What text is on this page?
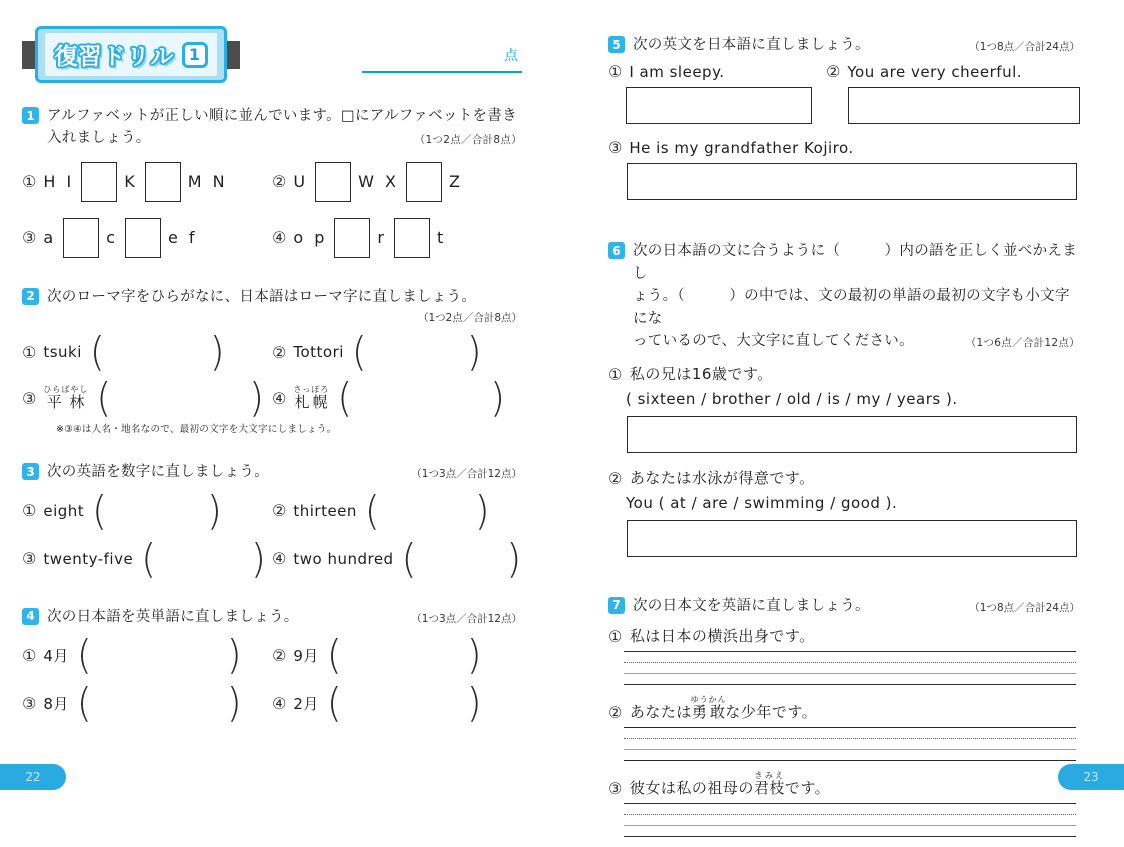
復習ドリル 1	点
1 アルファベットが正しい順に並んでいます。□にアルファベットを書き
入れましょう。	（1つ2点／合計8点）
① H I	K	M N	② U	W X	Z
③ a	c	e f	④ o p	r	t
2 次のローマ字をひらがなに、日本語はローマ字に直しましょう。
（1つ2点／合計8点）
① tsuki (	)	② Tottori (	)
③ 平林ひらばやし (	) ④ 札幌さっぽろ (	)
※③④は人名・地名なので、最初の文字を大文字にしましょう。
3 次の英語を数字に直しましょう。	（1つ3点／合計12点）
① eight (	)	② thirteen (	)
③ twenty-five (	) ④ two hundred ( )
4 次の日本語を英単語に直しましょう。	（1つ3点／合計12点）
① 4月 (	) ② 9月 (	)
③ 8月 (	) ④ 2月 (	)
5 次の英文を日本語に直しましょう。	（1つ8点／合計24点）
① I am sleepy.	② You are very cheerful.
③ He is my grandfather Kojiro.
6 次の日本語の文に合うように（　　　）内の語を正しく並べかえまし
ょう。（　　　）の中では、文の最初の単語の最初の文字も小文字にな
っているので、大文字に直してください。	（1つ6点／合計12点）
① 私の兄は16歳です。
( sixteen / brother / old / is / my / years ).
② あなたは水泳が得意です。
You ( at / are / swimming / good ).
7 次の日本文を英語に直しましょう。	（1つ8点／合計24点）
① 私は日本の横浜出身です。
② あなたは勇敢ゆうかんな少年です。
③ 彼女は私の祖母の君枝きみえです。
22	23
